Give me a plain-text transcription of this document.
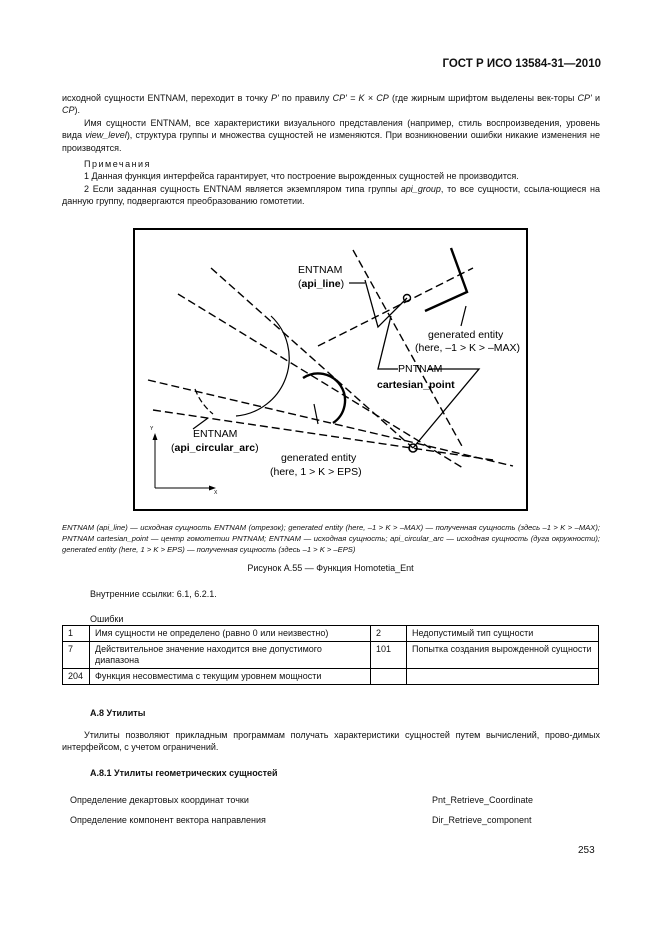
ГОСТ Р ИСО 13584-31—2010
исходной сущности ENTNAM, переходит в точку P' по правилу CP' = K × CP (где жирным шрифтом выделены век-торы CP' и CP).
Имя сущности ENTNAM, все характеристики визуального представления (например, стиль воспроизведения, уровень вида view_level), структура группы и множества сущностей не изменяются. При возникновении ошибки никакие изменения не производятся.
Примечания
1 Данная функция интерфейса гарантирует, что построение вырожденных сущностей не производится.
2 Если заданная сущность ENTNAM является экземпляром типа группы api_group, то все сущности, ссыла-ющиеся на данную группу, подвергаются преобразованию гомотетии.
Y
X
ENTNAM
(api_line)
generated entity
(here, –1 > K > –MAX)
PNTNAM
cartesian_point
ENTNAM
(api_circular_arc)
generated entity
(here, 1 > K > EPS)
ENTNAM (api_line) — исходная сущность ENTNAM (отрезок); generated entity (here, –1 > K > –MAX) — полученная сущность (здесь –1 > K > –MAX); PNTNAM cartesian_point — центр гомотетии PNTNAM; ENTNAM — исходная сущность; api_circular_arc — исходная сущность (дуга окружности); generated entity (here, 1 > K > EPS) — полученная сущность (здесь –1 > K > –EPS)
Рисунок А.55 — Функция Homotetia_Ent
Внутренние ссылки: 6.1, 6.2.1.
Ошибки
1	Имя сущности не определено (равно 0 или неизвестно)	2	Недопустимый тип сущности
7	Действительное значение находится вне допустимого диапазона	101	Попытка создания вырожденной сущности
204	Функция несовместима с текущим уровнем мощности		
А.8 Утилиты
Утилиты позволяют прикладным программам получать характеристики сущностей путем вычислений, прово-димых интерфейсом, с учетом ограничений.
А.8.1 Утилиты геометрических сущностей
Определение декартовых координат точки	Pnt_Retrieve_Coordinate
Определение компонент вектора направления	Dir_Retrieve_component
253
